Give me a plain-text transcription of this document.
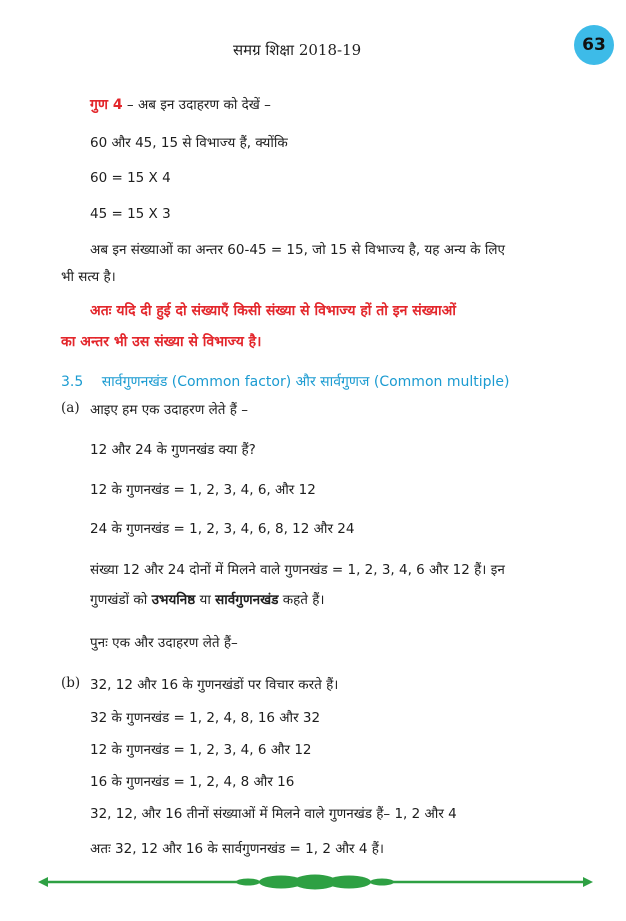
समग्र शिक्षा 2018-19	63
गुण 4 – अब इन उदाहरण को देखें –
60 और 45, 15 से विभाज्य हैं, क्योंकि
60 = 15 X 4
45 = 15 X 3
अब इन संख्याओं का अन्तर 60-45 = 15, जो 15 से विभाज्य है, यह अन्य के लिए
भी सत्य है।
अतः यदि दी हुई दो संख्याएँ किसी संख्या से विभाज्य हों तो इन संख्याओं
का अन्तर भी उस संख्या से विभाज्य है।
3.5 सार्वगुणनखंड (Common factor) और सार्वगुणज (Common multiple)
(a) आइए हम एक उदाहरण लेते हैं –
12 और 24 के गुणनखंड क्या हैं?
12 के गुणनखंड = 1, 2, 3, 4, 6, और 12
24 के गुणनखंड = 1, 2, 3, 4, 6, 8, 12 और 24
संख्या 12 और 24 दोनों में मिलने वाले गुणनखंड = 1, 2, 3, 4, 6 और 12 हैं। इन
गुणखंडों को उभयनिष्ठ या सार्वगुणनखंड कहते हैं।
पुनः एक और उदाहरण लेते हैं–
(b) 32, 12 और 16 के गुणनखंडों पर विचार करते हैं।
32 के गुणनखंड = 1, 2, 4, 8, 16 और 32
12 के गुणनखंड = 1, 2, 3, 4, 6 और 12
16 के गुणनखंड = 1, 2, 4, 8 और 16
32, 12, और 16 तीनों संख्याओं में मिलने वाले गुणनखंड हैं– 1, 2 और 4
अतः 32, 12 और 16 के सार्वगुणनखंड = 1, 2 और 4 हैं।
